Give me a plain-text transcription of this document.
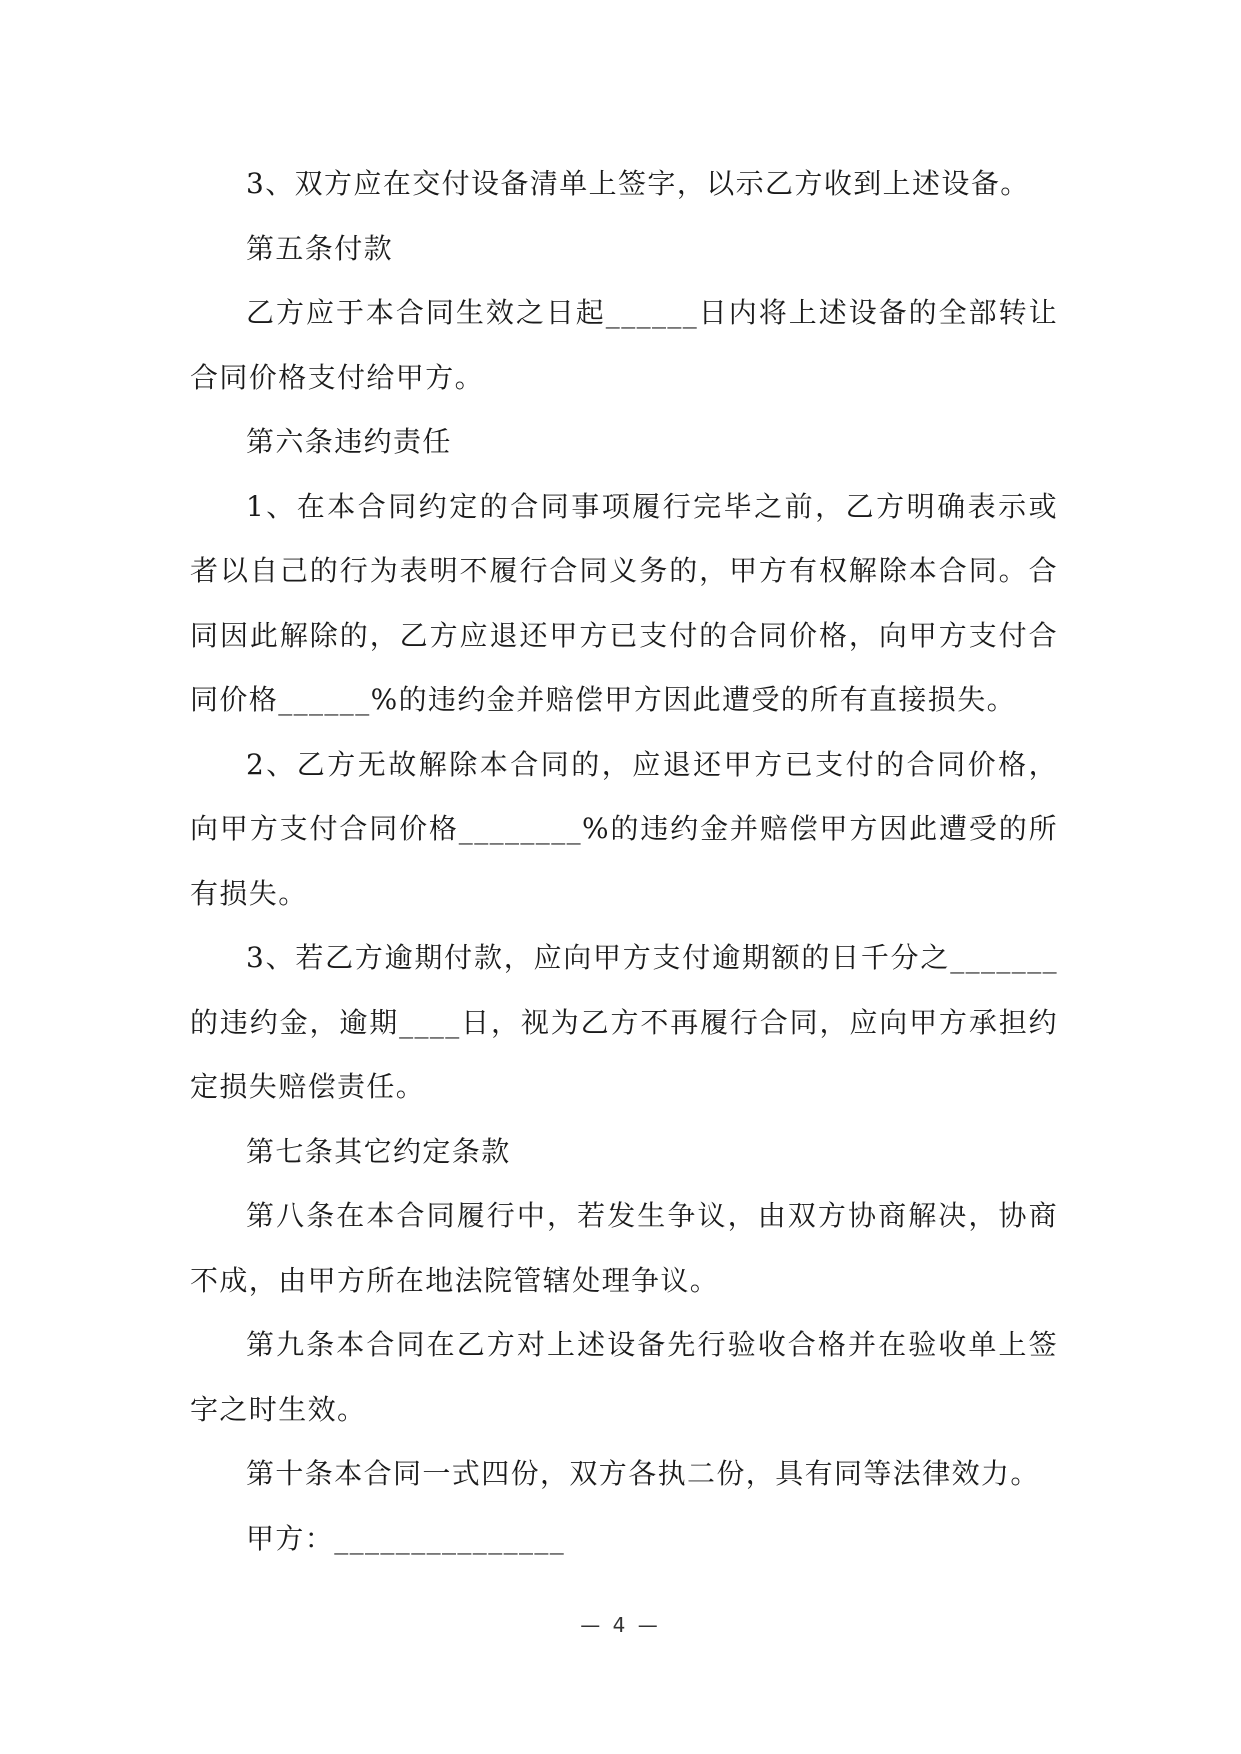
3、双方应在交付设备清单上签字，以示乙方收到上述设备。

第五条付款

乙方应于本合同生效之日起______日内将上述设备的全部转让合同价格支付给甲方。

第六条违约责任

1、在本合同约定的合同事项履行完毕之前，乙方明确表示或者以自己的行为表明不履行合同义务的，甲方有权解除本合同。合同因此解除的，乙方应退还甲方已支付的合同价格，向甲方支付合同价格______%的违约金并赔偿甲方因此遭受的所有直接损失。

2、乙方无故解除本合同的，应退还甲方已支付的合同价格，向甲方支付合同价格________%的违约金并赔偿甲方因此遭受的所有损失。

3、若乙方逾期付款，应向甲方支付逾期额的日千分之_______的违约金，逾期____日，视为乙方不再履行合同，应向甲方承担约定损失赔偿责任。

第七条其它约定条款

第八条在本合同履行中，若发生争议，由双方协商解决，协商不成，由甲方所在地法院管辖处理争议。

第九条本合同在乙方对上述设备先行验收合格并在验收单上签字之时生效。

第十条本合同一式四份，双方各执二份，具有同等法律效力。

甲方：_______________

— 4 —
